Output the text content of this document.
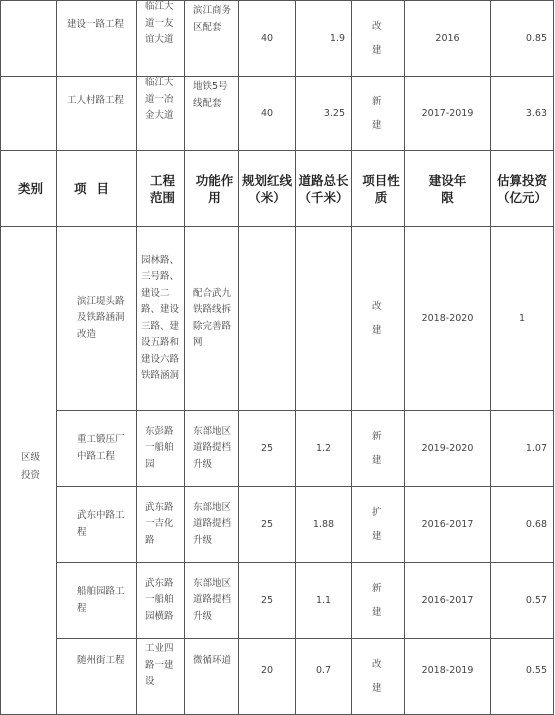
	建设一路工程	临江大道一友谊大道	滨江商务区配套	40	1.9	改建	2016	0.85

	工人村路工程	临江大道一冶金大道	地铁5号线配套	40	3.25	新建	2017-2019	3.63

类别	项目	工程范围	功能作用	规划红线（米）	道路总长（千米）	项目性质	建设年限	估算投资（亿元）

区级投资	滨江堤头路及铁路涵洞改造	园林路、三号路、建设二路、建设三路、建设五路和建设六路铁路涵洞	配合武九铁路线拆除完善路网			改建	2018-2020	1

	重工锻压厂中路工程	东彭路一船舶园	东部地区道路提档升级	25	1.2	新建	2019-2020	1.07

	武东中路工程	武东路一吉化路	东部地区道路提档升级	25	1.88	扩建	2016-2017	0.68

	船舶园路工程	武东路一船舶园横路	东部地区道路提档升级	25	1.1	新建	2016-2017	0.57

	随州街工程	工业四路一建设	微循环道	20	0.7	改建	2018-2019	0.55
